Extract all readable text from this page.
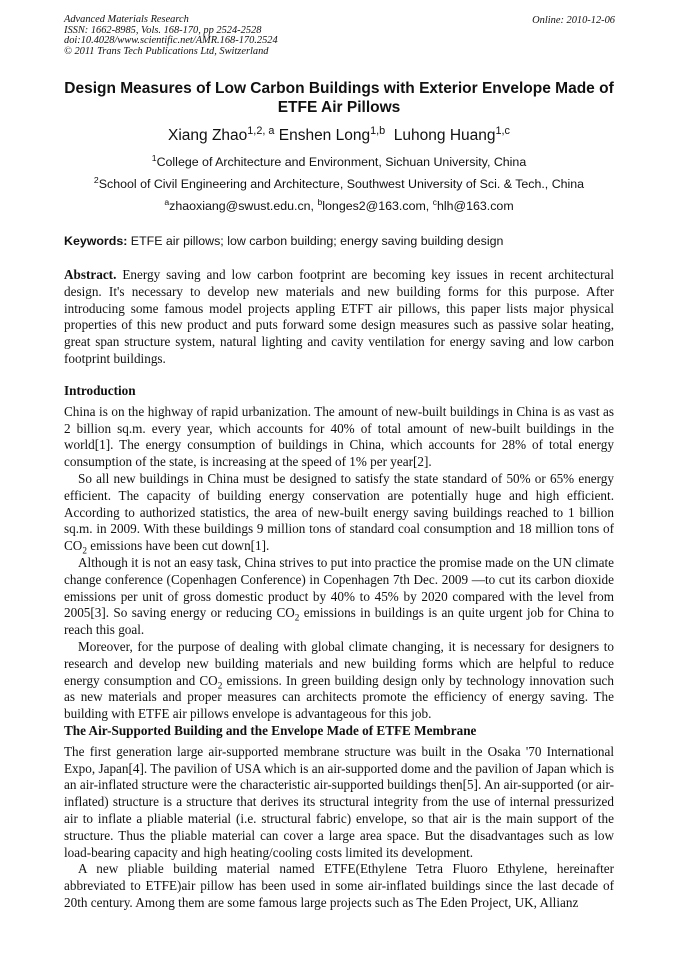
Advanced Materials Research
ISSN: 1662-8985, Vols. 168-170, pp 2524-2528
doi:10.4028/www.scientific.net/AMR.168-170.2524
© 2011 Trans Tech Publications Ltd, Switzerland
Online: 2010-12-06
Design Measures of Low Carbon Buildings with Exterior Envelope Made of ETFE Air Pillows
Xiang Zhao$^{1,2, a}$ Enshen Long$^{1,b}$ Luhong Huang$^{1,c}$
$^1$College of Architecture and Environment, Sichuan University, China
$^2$School of Civil Engineering and Architecture, Southwest University of Sci. & Tech., China
$^a$zhaoxiang@swust.edu.cn, $^b$longes2@163.com, $^c$hlh@163.com
Keywords: ETFE air pillows; low carbon building; energy saving building design

Abstract. Energy saving and low carbon footprint are becoming key issues in recent architectural design. It's necessary to develop new materials and new building forms for this purpose. After introducing some famous model projects appling ETFT air pillows, this paper lists major physical properties of this new product and puts forward some design measures such as passive solar heating, great span structure system, natural lighting and cavity ventilation for energy saving and low carbon footprint buildings.

Introduction

China is on the highway of rapid urbanization. The amount of new-built buildings in China is as vast as 2 billion sq.m. every year, which accounts for 40% of total amount of new-built buildings in the world[1]. The energy consumption of buildings in China, which accounts for 28% of total energy consumption of the state, is increasing at the speed of 1% per year[2].

So all new buildings in China must be designed to satisfy the state standard of 50% or 65% energy efficient. The capacity of building energy conservation are potentially huge and high efficient. According to authorized statistics, the area of new-built energy saving buildings reached to 1 billion sq.m. in 2009. With these buildings 9 million tons of standard coal consumption and 18 million tons of $CO_2$ emissions have been cut down[1].

Although it is not an easy task, China strives to put into practice the promise made on the UN climate change conference (Copenhagen Conference) in Copenhagen 7th Dec. 2009 —to cut its carbon dioxide emissions per unit of gross domestic product by 40% to 45% by 2020 compared with the level from 2005[3]. So saving energy or reducing $CO_2$ emissions in buildings is an quite urgent job for China to reach this goal.

Moreover, for the purpose of dealing with global climate changing, it is necessary for designers to research and develop new building materials and new building forms which are helpful to reduce energy consumption and $CO_2$ emissions. In green building design only by technology innovation such as new materials and proper measures can architects promote the efficiency of energy saving. The building with ETFE air pillows envelope is advantageous for this job.

The Air-Supported Building and the Envelope Made of ETFE Membrane

The first generation large air-supported membrane structure was built in the Osaka '70 International Expo, Japan[4]. The pavilion of USA which is an air-supported dome and the pavilion of Japan which is an air-inflated structure were the characteristic air-supported buildings then[5]. An air-supported (or air-inflated) structure is a structure that derives its structural integrity from the use of internal pressurized air to inflate a pliable material (i.e. structural fabric) envelope, so that air is the main support of the structure. Thus the pliable material can cover a large area space. But the disadvantages such as low load-bearing capacity and high heating/cooling costs limited its development.

A new pliable building material named ETFE(Ethylene Tetra Fluoro Ethylene, hereinafter abbreviated to ETFE)air pillow has been used in some air-inflated buildings since the last decade of 20th century. Among them are some famous large projects such as The Eden Project, UK, Allianz
